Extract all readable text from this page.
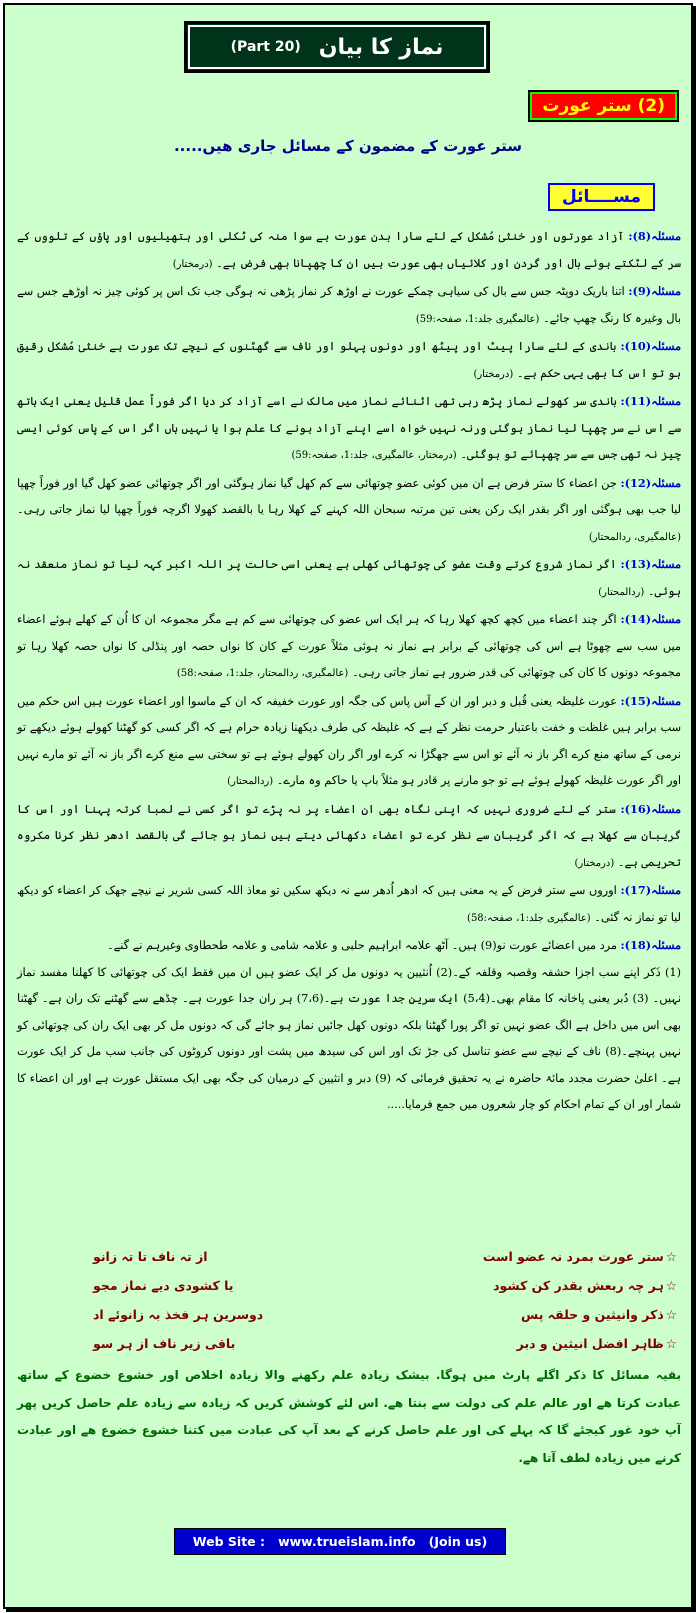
(Part 20) نماز کا بیان
(2) ستر عورت
ستر عورت کے مضمون کے مسائل جاری ھیں.....
مســــائل

مسئلہ(8): آزاد عورتوں اور خنثیٰ مُشکل کے لئے سارا بدن عورت ہے سوا منہ کی ٹکلی اور ہتھیلیوں اور پاؤں کے تلووں کے سر کے لٹکتے ہوئے بال اور گردن اور کلائیاں بھی عورت ہیں ان کا چھپانا بھی فرض ہے۔ (درمختار)

مسئلہ(9): اتنا باریک دوپٹہ جس سے بال کی سیاہی چمکے عورت نے اوڑھ کر نماز پڑھی نہ ہوگی جب تک اس پر کوئی چیز نہ اوڑھے جس سے بال وغیرہ کا رنگ چھپ جائے۔ (عالمگیری جلد:1، صفحہ:59)

مسئلہ(10): باندی کے لئے سارا پیٹ اور پیٹھ اور دونوں پہلو اور ناف سے گھٹنوں کے نیچے تک عورت ہے خنثیٰ مُشکل رقیق ہو تو اس کا بھی یہی حکم ہے۔ (درمختار)

مسئلہ(11): باندی سر کھولے نماز پڑھ رہی تھی اثنائے نماز میں مالک نے اسے آزاد کر دیا اگر فوراً عمل قلیل یعنی ایک ہاتھ سے اس نے سر چھپا لیا نماز ہوگئی ورنہ نہیں خواہ اسے اپنے آزاد ہونے کا علم ہوا یا نہیں ہاں اگر اس کے پاس کوئی ایسی چیز نہ تھی جس سے سر چھپائے تو ہوگئی۔ (درمختار، عالمگیری، جلد:1، صفحہ:59)

مسئلہ(12): جن اعضاء کا ستر فرض ہے ان میں کوئی عضو چوتھائی سے کم کھل گیا نماز ہوگئی اور اگر چوتھائی عضو کھل گیا اور فوراً چھپا لیا جب بھی ہوگئی اور اگر بقدر ایک رکن یعنی تین مرتبہ سبحان اللہ کہنے کے کھلا رہا یا بالقصد کھولا اگرچہ فوراً چھپا لیا نماز جاتی رہی۔ (عالمگیری، ردالمحتار)

مسئلہ(13): اگر نماز شروع کرتے وقت عضو کی چوتھائی کھلی ہے یعنی اسی حالت پر اللہ اکبر کہہ لیا تو نماز منعقد نہ ہوئی۔ (ردالمحتار)

مسئلہ(14): اگر چند اعضاء میں کچھ کچھ کھلا رہا کہ ہر ایک اس عضو کی چوتھائی سے کم ہے مگر مجموعہ ان کا اُن کے کھلے ہوئے اعضاء میں سب سے چھوٹا ہے اس کی چوتھائی کے برابر ہے نماز نہ ہوئی مثلاً عورت کے کان کا نواں حصہ اور پنڈلی کا نواں حصہ کھلا رہا تو مجموعہ دونوں کا کان کی چوتھائی کی قدر ضرور ہے نماز جاتی رہی۔ (عالمگیری، ردالمحتار، جلد:1، صفحہ:58)

مسئلہ(15): عورت غلیظہ یعنی قُبل و دبر اور ان کے آس پاس کی جگہ اور عورت خفیفہ کہ ان کے ماسوا اور اعضاء عورت ہیں اس حکم میں سب برابر ہیں غلظت و خفت باعتبار حرمت نظر کے ہے کہ غلیظہ کی طرف دیکھنا زیادہ حرام ہے کہ اگر کسی کو گھٹنا کھولے ہوئے دیکھے تو نرمی کے ساتھ منع کرے اگر باز نہ آئے تو اس سے جھگڑا نہ کرے اور اگر ران کھولے ہوئے ہے تو سختی سے منع کرے اگر باز نہ آئے تو مارے نہیں اور اگر عورت غلیظہ کھولے ہوئے ہے تو جو مارنے پر قادر ہو مثلاً باپ یا حاکم وہ مارے۔ (ردالمحتار)

مسئلہ(16): ستر کے لئے ضروری نہیں کہ اپنی نگاہ بھی ان اعضاء پر نہ پڑے تو اگر کسی نے لمبا کرتہ پہنا اور اس کا گریبان سے کھلا ہے کہ اگر گریبان سے نظر کرے تو اعضاء دکھائی دیتے ہیں نماز ہو جائے گی بالقصد ادھر نظر کرنا مکروہ تحریمی ہے۔ (درمختار)

مسئلہ(17): اوروں سے ستر فرض کے یہ معنی ہیں کہ ادھر اُدھر سے نہ دیکھ سکیں تو معاذ اللہ کسی شریر نے نیچے جھک کر اعضاء کو دیکھ لیا تو نماز نہ گئی۔ (عالمگیری جلد:1، صفحہ:58)

مسئلہ(18): مرد میں اعضائے عورت نو(9) ہیں۔ آٹھ علامہ ابراہیم حلبی و علامہ شامی و علامہ طحطاوی وغیرہم نے گنے۔

(1) ذَکر اپنے سب اجزا حشفہ وقصبہ وقلفہ کے۔(2) اُنثیین یہ دونوں مل کر ایک عضو ہیں ان میں فقط ایک کی چوتھائی کا کھلنا مفسد نماز نہیں۔ (3) دُبر یعنی پاخانہ کا مقام بھی۔(5،4) ایک سرین جدا عورت ہے۔(7،6) ہر ران جدا عورت ہے۔ چڈھے سے گھٹنے تک ران ہے۔ گھٹنا بھی اس میں داخل ہے الگ عضو نہیں تو اگر پورا گھٹنا بلکہ دونوں کھل جائیں نماز ہو جائے گی کہ دونوں مل کر بھی ایک ران کی چوتھائی کو نہیں پہنچے۔(8) ناف کے نیچے سے عضو تناسل کی جڑ تک اور اس کی سیدھ میں پشت اور دونوں کروٹوں کی جانب سب مل کر ایک عورت ہے۔ اعلیٰ حضرت مجدد مائۃ حاضرہ نے یہ تحقیق فرمائی کہ (9) دبر و انثیین کے درمیان کی جگہ بھی ایک مستقل عورت ہے اور ان اعضاء کا شمار اور ان کے تمام احکام کو چار شعروں میں جمع فرمایا.....

☆ستر عورت بمرد نہ عضو است
از تہ ناف تا تہ زانو
☆ہر چہ ربعش بقدر کن کشود
یا کشودی دیے نماز مجو
☆ذکر وانیثین و حلقہ پس
دوسرین ہر فخذ بہ زانوئے اد
☆ظاہر افضل انیثین و دبر
باقی زیر ناف از ہر سو
بقیہ مسائل کا ذکر اگلے پارٹ میں ہوگا. بیشک زیادہ علم رکھنے والا زیادہ اخلاص اور خشوع خضوع کے ساتھ عبادت کرتا ھے اور عالم علم کی دولت سے بنتا ھے. اس لئے کوشش کریں کہ زیادہ سے زیادہ علم حاصل کریں پھر آپ خود غور کیجئے گا کہ پہلے کی اور علم حاصل کرنے کے بعد آپ کی عبادت میں کتنا خشوع خضوع ھے اور عبادت کرنے میں زیادہ لطف آتا ھے.
Web Site :   www.trueislam.info   (Join us)
